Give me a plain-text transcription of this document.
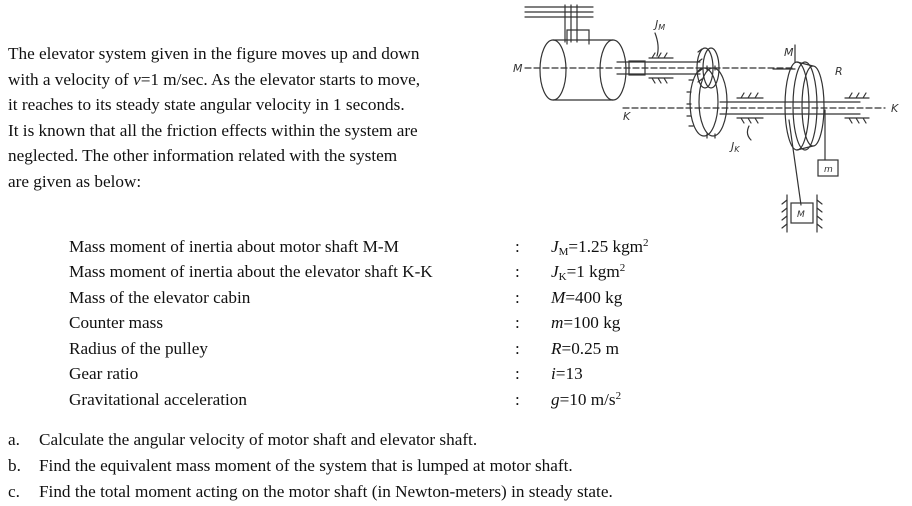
The elevator system given in the figure moves up and down
with a velocity of v=1 m/sec. As the elevator starts to move,
it reaches to its steady state angular velocity in 1 seconds.
It is known that all the friction effects within the system are
neglected. The other information related with the system
are given as below:

JM
M
M
K
K
R
JK
m
M
Mass moment of inertia about motor shaft M-M	:	$J_M=1.25$ kgm$^2$
Mass moment of inertia about the elevator shaft K-K	:	$J_K=1$ kgm$^2$
Mass of the elevator cabin	:	M=400 kg
Counter mass	:	m=100 kg
Radius of the pulley	:	R=0.25 m
Gear ratio	:	i=13
Gravitational acceleration	:	g=10 $m/s^2$
a. Calculate the angular velocity of motor shaft and elevator shaft.
b. Find the equivalent mass moment of the system that is lumped at motor shaft.
c. Find the total moment acting on the motor shaft (in Newton-meters) in steady state.
